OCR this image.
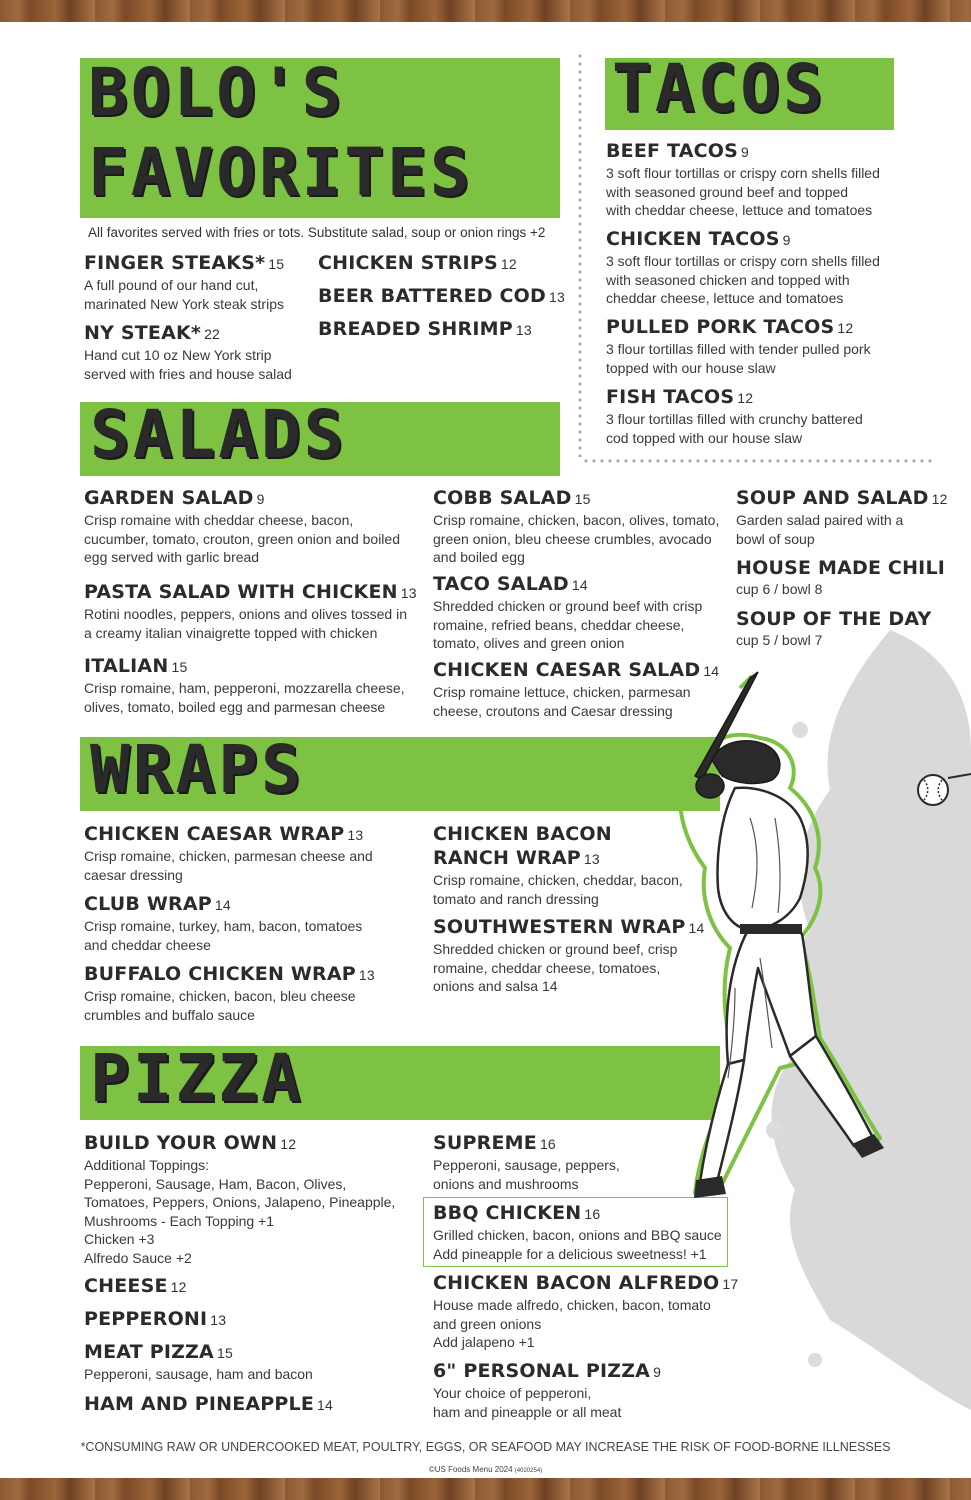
BOLO'S
FAVORITES
All favorites served with fries or tots. Substitute salad, soup or onion rings +2
TACOS
FINGER STEAKS* 15
A full pound of our hand cut,
marinated New York steak strips
NY STEAK* 22
Hand cut 10 oz New York strip
served with fries and house salad
CHICKEN STRIPS 12
BEER BATTERED COD 13
BREADED SHRIMP 13
BEEF TACOS 9
3 soft flour tortillas or crispy corn shells filled
with seasoned ground beef and topped
with cheddar cheese, lettuce and tomatoes
CHICKEN TACOS 9
3 soft flour tortillas or crispy corn shells filled
with seasoned chicken and topped with
cheddar cheese, lettuce and tomatoes
PULLED PORK TACOS 12
3 flour tortillas filled with tender pulled pork
topped with our house slaw
FISH TACOS 12
3 flour tortillas filled with crunchy battered
cod topped with our house slaw
SALADS
GARDEN SALAD 9
Crisp romaine with cheddar cheese, bacon,
cucumber, tomato, crouton, green onion and boiled
egg served with garlic bread
PASTA SALAD WITH CHICKEN 13
Rotini noodles, peppers, onions and olives tossed in
a creamy italian vinaigrette topped with chicken
ITALIAN 15
Crisp romaine, ham, pepperoni, mozzarella cheese,
olives, tomato, boiled egg and parmesan cheese
COBB SALAD 15
Crisp romaine, chicken, bacon, olives, tomato,
green onion, bleu cheese crumbles, avocado
and boiled egg
TACO SALAD 14
Shredded chicken or ground beef with crisp
romaine, refried beans, cheddar cheese,
tomato, olives and green onion
CHICKEN CAESAR SALAD 14
Crisp romaine lettuce, chicken, parmesan
cheese, croutons and Caesar dressing
SOUP AND SALAD 12
Garden salad paired with a
bowl of soup
HOUSE MADE CHILI
cup 6 / bowl 8
SOUP OF THE DAY
cup 5 / bowl 7
WRAPS
CHICKEN CAESAR WRAP 13
Crisp romaine, chicken, parmesan cheese and
caesar dressing
CLUB WRAP 14
Crisp romaine, turkey, ham, bacon, tomatoes
and cheddar cheese
BUFFALO CHICKEN WRAP 13
Crisp romaine, chicken, bacon, bleu cheese
crumbles and buffalo sauce
CHICKEN BACON
RANCH WRAP 13
Crisp romaine, chicken, cheddar, bacon,
tomato and ranch dressing
SOUTHWESTERN WRAP 14
Shredded chicken or ground beef, crisp
romaine, cheddar cheese, tomatoes,
onions and salsa 14
PIZZA
BUILD YOUR OWN 12
Additional Toppings:
Pepperoni, Sausage, Ham, Bacon, Olives,
Tomatoes, Peppers, Onions, Jalapeno, Pineapple,
Mushrooms - Each Topping +1
Chicken +3
Alfredo Sauce +2
CHEESE 12
PEPPERONI 13
MEAT PIZZA 15
Pepperoni, sausage, ham and bacon
HAM AND PINEAPPLE 14
SUPREME 16
Pepperoni, sausage, peppers,
onions and mushrooms
BBQ CHICKEN 16
Grilled chicken, bacon, onions and BBQ sauce
Add pineapple for a delicious sweetness! +1
CHICKEN BACON ALFREDO 17
House made alfredo, chicken, bacon, tomato
and green onions
Add jalapeno +1
6" PERSONAL PIZZA 9
Your choice of pepperoni,
ham and pineapple or all meat
*CONSUMING RAW OR UNDERCOOKED MEAT, POULTRY, EGGS, OR SEAFOOD MAY INCREASE THE RISK OF FOOD-BORNE ILLNESSES
©US Foods Menu 2024 (4020254)
